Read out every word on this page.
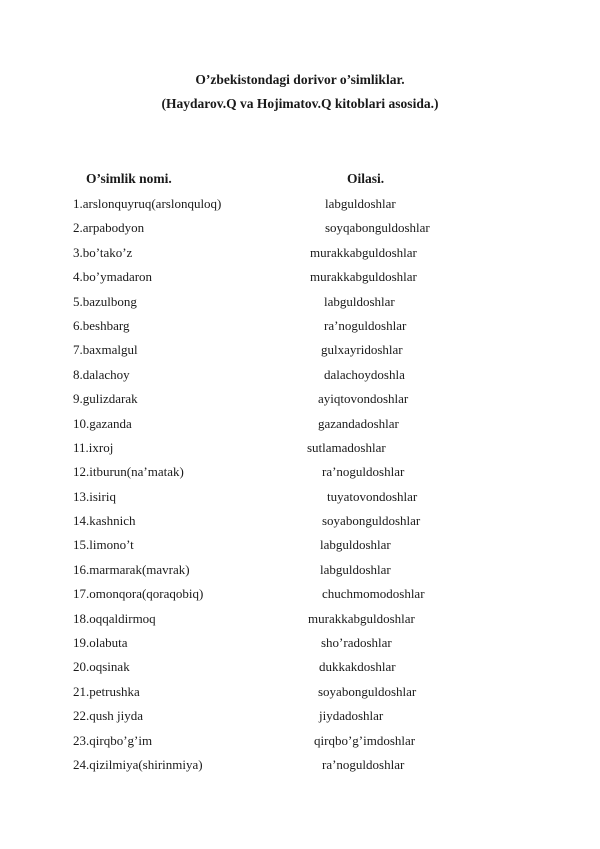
O’zbekistondagi dorivor o’simliklar.
(Haydarov.Q va Hojimatov.Q kitoblari asosida.)
O’simlik nomi.	Oilasi.
1.arslonquyruq(arslonquloq)	labguldoshlar
2.arpabodyon	soyqabonguldoshlar
3.bo’tako’z	murakkabguldoshlar
4.bo’ymadaron	murakkabguldoshlar
5.bazulbong	labguldoshlar
6.beshbarg	ra’noguldoshlar
7.baxmalgul	gulxayridoshlar
8.dalachoy	dalachoydoshla
9.gulizdarak	ayiqtovondoshlar
10.gazanda	gazandadoshlar
11.ixroj	sutlamadoshlar
12.itburun(na’matak)	ra’noguldoshlar
13.isiriq	tuyatovondoshlar
14.kashnich	soyabonguldoshlar
15.limono’t	labguldoshlar
16.marmarak(mavrak)	labguldoshlar
17.omonqora(qoraqobiq)	chuchmomodoshlar
18.oqqaldirmoq	murakkabguldoshlar
19.olabuta	sho’radoshlar
20.oqsinak	dukkakdoshlar
21.petrushka	soyabonguldoshlar
22.qush jiyda	jiydadoshlar
23.qirqbo’g’im	qirqbo’g’imdoshlar
24.qizilmiya(shirinmiya)	ra’noguldoshlar
